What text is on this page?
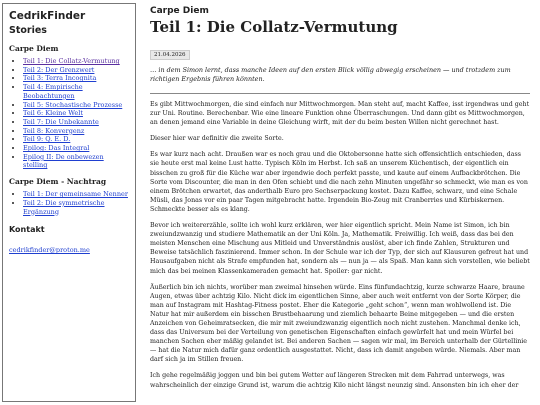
CedrikFinder
Stories
Carpe Diem
• Teil 1: Die Collatz-Vermutung
• Teil 2: Der Grenzwert
• Teil 3: Terra Incognita
• Teil 4: Empirische Beobachtungen
• Teil 5: Stochastische Prozesse
• Teil 6: Kleine Welt
• Teil 7: Die Unbekannte
• Teil 8: Konvergenz
• Teil 9: Q. E. D.
• Epilog: Das Integral
• Epilog II: De onbewezen stelling
Carpe Diem - Nachtrag
• Teil 1: Der gemeinsame Nenner
• Teil 2: Die symmetrische Ergänzung
Kontakt
cedrikfinder@proton.me
Carpe Diem
Teil 1: Die Collatz-Vermutung
21.04.2026

… in dem Simon lernt, dass manche Ideen auf den ersten Blick völlig abwegig erscheinen — und trotzdem zum richtigen Ergebnis führen könnten.

Es gibt Mittwochmorgen, die sind einfach nur Mittwochmorgen. Man steht auf, macht Kaffee, isst irgendwas und geht zur Uni. Routine. Berechenbar. Wie eine lineare Funktion ohne Überraschungen. Und dann gibt es Mittwochmorgen, an denen jemand eine Variable in deine Gleichung wirft, mit der du beim besten Willen nicht gerechnet hast.

Dieser hier war definitiv die zweite Sorte.

Es war kurz nach acht. Draußen war es noch grau und die Oktobersonne hatte sich offensichtlich entschieden, dass sie heute erst mal keine Lust hatte. Typisch Köln im Herbst. Ich saß an unserem Küchentisch, der eigentlich ein bisschen zu groß für die Küche war aber irgendwie doch perfekt passte, und kaute auf einem Aufbackbrötchen. Die Sorte vom Discounter, die man in den Ofen schiebt und die nach zehn Minuten ungefähr so schmeckt, wie man es von einem Brötchen erwartet, das anderthalb Euro pro Sechserpackung kostet. Dazu Kaffee, schwarz, und eine Schale Müsli, das Jonas vor ein paar Tagen mitgebracht hatte. Irgendein Bio-Zeug mit Cranberries und Kürbiskernen. Schmeckte besser als es klang.

Bevor ich weitererzähle, sollte ich wohl kurz erklären, wer hier eigentlich spricht. Mein Name ist Simon, ich bin zweiundzwanzig und studiere Mathematik an der Uni Köln. Ja, Mathematik. Freiwillig. Ich weiß, dass das bei den meisten Menschen eine Mischung aus Mitleid und Unverständnis auslöst, aber ich finde Zahlen, Strukturen und Beweise tatsächlich faszinierend. Immer schon. In der Schule war ich der Typ, der sich auf Klausuren gefreut hat und Hausaufgaben nicht als Strafe empfunden hat, sondern als — nun ja — als Spaß. Man kann sich vorstellen, wie beliebt mich das bei meinen Klassenkameraden gemacht hat. Spoiler: gar nicht.

Äußerlich bin ich nichts, worüber man zweimal hinsehen würde. Eins fünfundachtzig, kurze schwarze Haare, braune Augen, etwas über achtzig Kilo. Nicht dick im eigentlichen Sinne, aber auch weit entfernt von der Sorte Körper, die man auf Instagram mit Hashtag-Fitness postet. Eher die Kategorie „geht schon“, wenn man wohlwollend ist. Die Natur hat mir außerdem ein bisschen Brustbehaarung und ziemlich behaarte Beine mitgegeben — und die ersten Anzeichen von Geheimratsecken, die mir mit zweiundzwanzig eigentlich noch nicht zustehen. Manchmal denke ich, dass das Universum bei der Verteilung von genetischen Eigenschaften einfach gewürfelt hat und mein Würfel bei manchen Sachen eher mäßig gelandet ist. Bei anderen Sachen — sagen wir mal, im Bereich unterhalb der Gürtellinie — hat die Natur mich dafür ganz ordentlich ausgestattet. Nicht, dass ich damit angeben würde. Niemals. Aber man darf sich ja im Stillen freuen.

Ich gehe regelmäßig joggen und bin bei gutem Wetter auf längeren Strecken mit dem Fahrrad unterwegs, was wahrscheinlich der einzige Grund ist, warum die achtzig Kilo nicht längst neunzig sind. Ansonsten bin ich eher der
